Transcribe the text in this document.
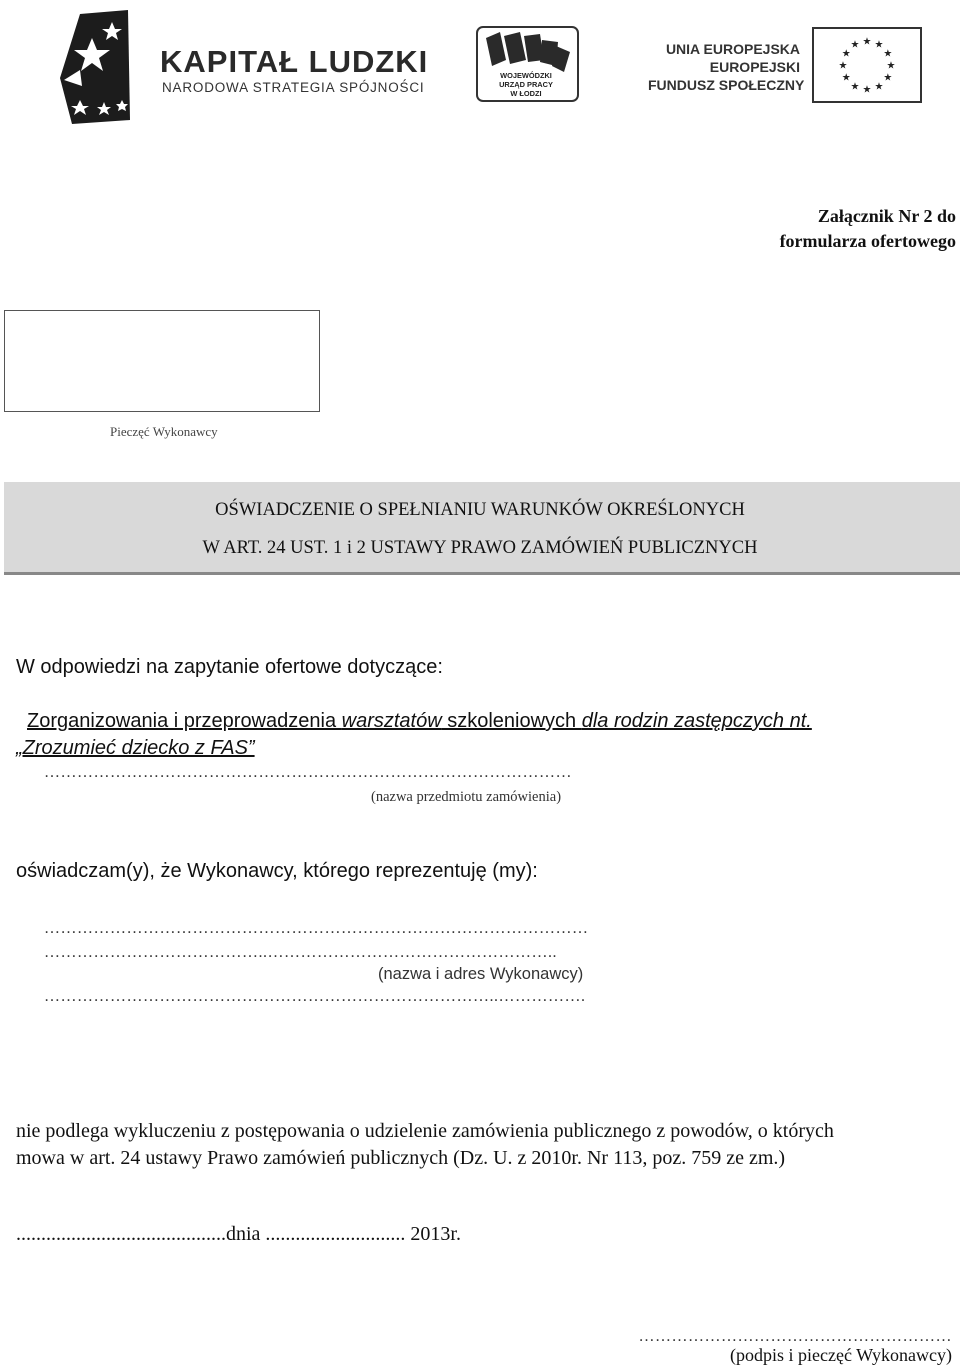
KAPITAŁ LUDZKI
NARODOWA STRATEGIA SPÓJNOŚCI
WOJEWÓDZKI
URZĄD PRACY
W ŁODZI
UNIA EUROPEJSKA
EUROPEJSKI
FUNDUSZ SPOŁECZNY
★ ★
★
★
★
★
★
★
★
★
★
★
Załącznik Nr 2 do
formularza ofertowego
Pieczęć Wykonawcy
OŚWIADCZENIE O SPEŁNIANIU WARUNKÓW OKREŚLONYCH
W ART. 24 UST. 1 i 2 USTAWY PRAWO ZAMÓWIEŃ PUBLICZNYCH
W odpowiedzi na zapytanie ofertowe dotyczące:
Zorganizowania i przeprowadzenia warsztatów szkoleniowych dla rodzin zastępczych nt.
„Zrozumieć dziecko z FAS”
……………………………………………………………………………………
(nazwa przedmiotu zamówienia)
oświadczam(y), że Wykonawcy, którego reprezentuję (my):
………………………………………………………………………………………
…………………………………..……………………………………………..
(nazwa i adres Wykonawcy)
………………………………………………………………………..…………….
nie podlega wykluczeniu z postępowania o udzielenie zamówienia publicznego z powodów, o których
mowa w art. 24 ustawy Prawo zamówień publicznych (Dz. U. z 2010r. Nr 113, poz. 759 ze zm.)
..........................................dnia ............................ 2013r.
…………………………………………………
(podpis i pieczęć Wykonawcy)
